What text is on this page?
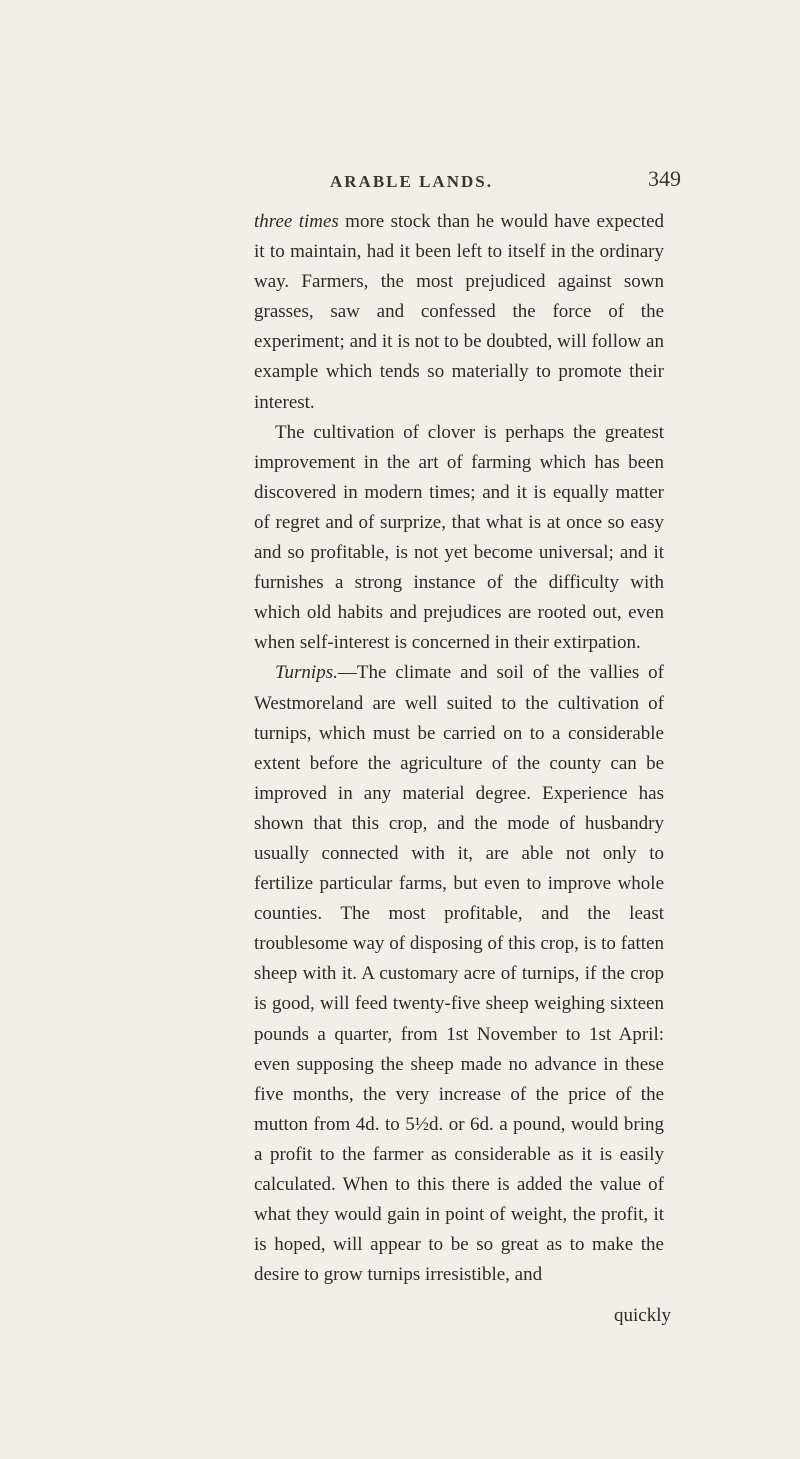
ARABLE LANDS.	349

three times more stock than he would have expected it to maintain, had it been left to itself in the ordinary way. Farmers, the most prejudiced against sown grasses, saw and confessed the force of the experiment; and it is not to be doubted, will follow an example which tends so materially to promote their interest.

The cultivation of clover is perhaps the greatest improvement in the art of farming which has been discovered in modern times; and it is equally matter of regret and of surprize, that what is at once so easy and so profitable, is not yet become universal; and it furnishes a strong instance of the difficulty with which old habits and prejudices are rooted out, even when self-interest is concerned in their extirpation.

Turnips.—The climate and soil of the vallies of Westmoreland are well suited to the cultivation of turnips, which must be carried on to a considerable extent before the agriculture of the county can be improved in any material degree. Experience has shown that this crop, and the mode of husbandry usually connected with it, are able not only to fertilize particular farms, but even to improve whole counties. The most profitable, and the least troublesome way of disposing of this crop, is to fatten sheep with it. A customary acre of turnips, if the crop is good, will feed twenty-five sheep weighing sixteen pounds a quarter, from 1st November to 1st April: even supposing the sheep made no advance in these five months, the very increase of the price of the mutton from 4d. to 5½d. or 6d. a pound, would bring a profit to the farmer as considerable as it is easily calculated. When to this there is added the value of what they would gain in point of weight, the profit, it is hoped, will appear to be so great as to make the desire to grow turnips irresistible, and

quickly
